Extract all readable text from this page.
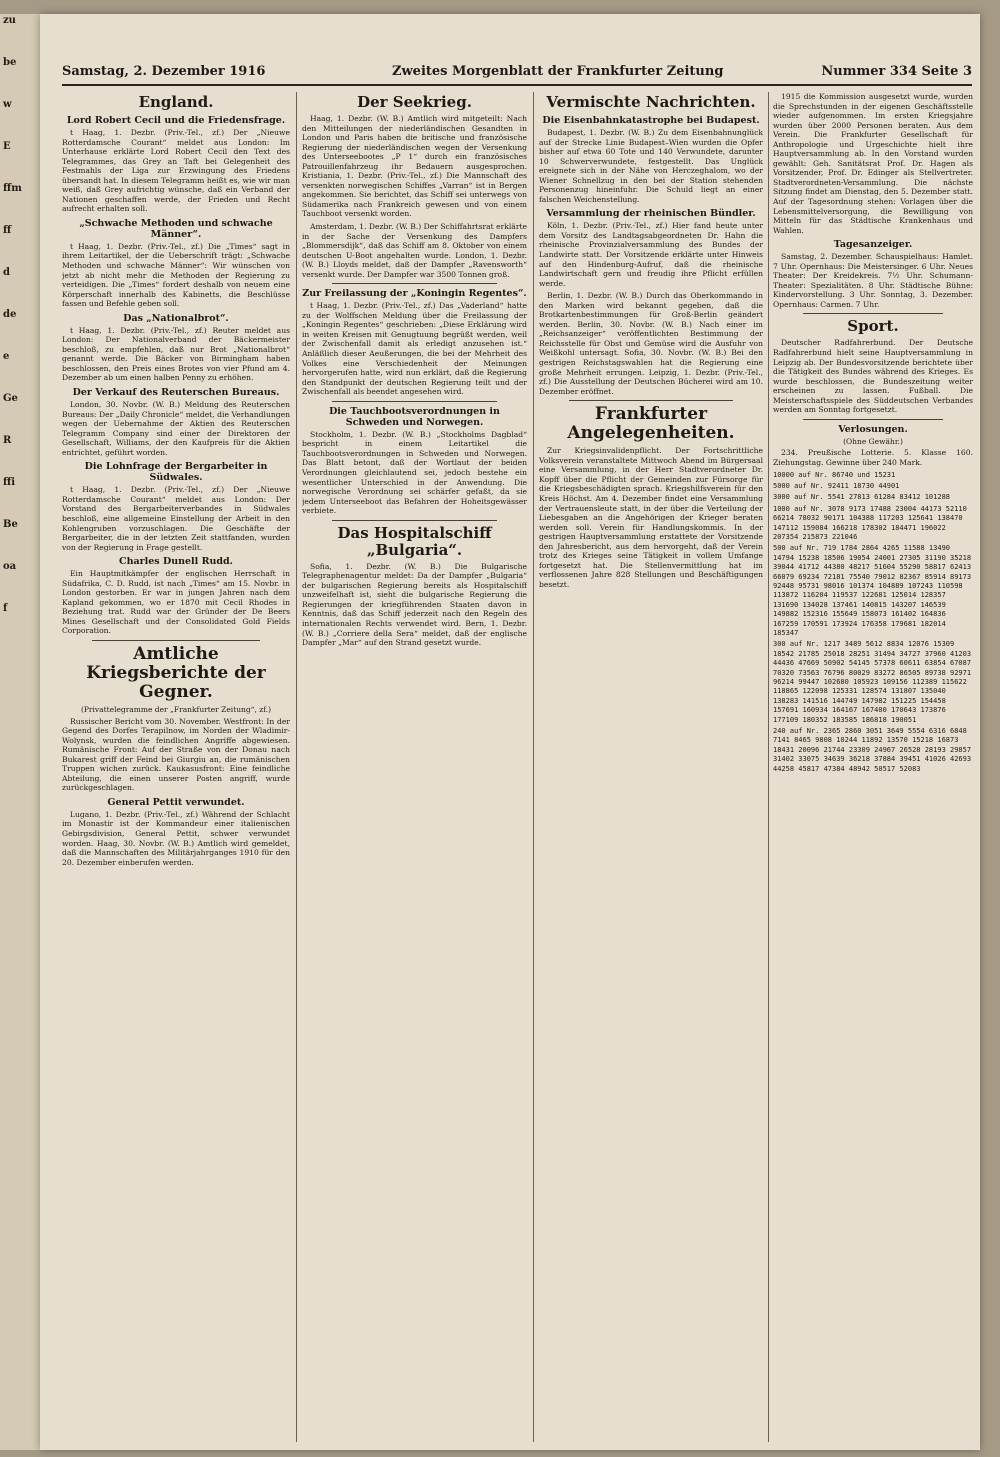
zu
be
w
E
ffm
ff
d
de
e
Ge
R
ffi
Be
oa
f
Samstag, 2. Dezember 1916	Zweites Morgenblatt der Frankfurter Zeitung	Nummer 334 Seite 3
England.
Lord Robert Cecil und die Friedensfrage.

t Haag, 1. Dezbr. (Priv.-Tel., zf.) Der „Nieuwe Rotterdamsche Courant“ meldet aus London: Im Unterhause erklärte Lord Robert Cecil den Text des Telegrammes, das Grey an Taft bei Gelegenheit des Festmahls der Liga zur Erzwingung des Friedens übersandt hat. In diesem Telegramm heißt es, wie wir man weiß, daß Grey aufrichtig wünsche, daß ein Verband der Nationen geschaffen werde, der Frieden und Recht aufrecht erhalten soll.

„Schwache Methoden und schwache Männer“.

t Haag, 1. Dezbr. (Priv.-Tel., zf.) Die „Times“ sagt in ihrem Leitartikel, der die Ueberschrift trägt: „Schwache Methoden und schwache Männer“: Wir wünschen von jetzt ab nicht mehr die Methoden der Regierung zu verteidigen. Die „Times“ fordert deshalb von neuem eine Körperschaft innerhalb des Kabinetts, die Beschlüsse fassen und Befehle geben soll.

Das „Nationalbrot“.

t Haag, 1. Dezbr. (Priv.-Tel., zf.) Reuter meldet aus London: Der Nationalverband der Bäckermeister beschloß, zu empfehlen, daß nur Brot „Nationalbrot“ genannt werde. Die Bäcker von Birmingham haben beschlossen, den Preis eines Brotes von vier Pfund am 4. Dezember ab um einen halben Penny zu erhöhen.

Der Verkauf des Reuterschen Bureaus.

London, 30. Novbr. (W. B.) Meldung des Reuterschen Bureaus: Der „Daily Chronicle“ meldet, die Verhandlungen wegen der Uebernahme der Aktien des Reuterschen Telegramm Company sind einer der Direktoren der Gesellschaft, Williams, der den Kaufpreis für die Aktien entrichtet, geführt worden.

Die Lohnfrage der Bergarbeiter in Südwales.

t Haag, 1. Dezbr. (Priv.-Tel., zf.) Der „Nieuwe Rotterdamsche Courant“ meldet aus London: Der Vorstand des Bergarbeiterverbandes in Südwales beschloß, eine allgemeine Einstellung der Arbeit in den Kohlengruben vorzuschlagen. Die Geschäfte der Bergarbeiter, die in der letzten Zeit stattfanden, wurden von der Regierung in Frage gestellt.

Charles Dunell Rudd.

Ein Hauptmitkämpfer der englischen Herrschaft in Südafrika, C. D. Rudd, ist nach „Times“ am 15. Novbr. in London gestorben. Er war in jungen Jahren nach dem Kapland gekommen, wo er 1870 mit Cecil Rhodes in Beziehung trat. Rudd war der Gründer der De Beers Mines Gesellschaft und der Consolidated Gold Fields Corporation.

Amtliche Kriegsberichte der Gegner.
(Privattelegramme der „Frankfurter Zeitung“, zf.)

Russischer Bericht vom 30. November. Westfront: In der Gegend des Dorfes Terapilnow, im Norden der Wladimir-Wolynsk, wurden die feindlichen Angriffe abgewiesen. Rumänische Front: Auf der Straße von der Donau nach Bukarest griff der Feind bei Giurgiu an, die rumänischen Truppen wichen zurück. Kaukasusfront: Eine feindliche Abteilung, die einen unserer Posten angriff, wurde zurückgeschlagen.

General Pettit verwundet.

Lugano, 1. Dezbr. (Priv.-Tel., zf.) Während der Schlacht im Monastir ist der Kommandeur einer italienischen Gebirgsdivision, General Pettit, schwer verwundet worden. Haag, 30. Novbr. (W. B.) Amtlich wird gemeldet, daß die Mannschaften des Militärjahrganges 1910 für den 20. Dezember einberufen werden.

Der Seekrieg.

Haag, 1. Dezbr. (W. B.) Amtlich wird mitgeteilt: Nach den Mitteilungen der niederländischen Gesandten in London und Paris haben die britische und französische Regierung der niederländischen wegen der Versenkung des Unterseebootes „P 1“ durch ein französisches Patrouillenfahrzeug ihr Bedauern ausgesprochen. Kristiania, 1. Dezbr. (Priv.-Tel., zf.) Die Mannschaft des versenkten norwegischen Schiffes „Varran“ ist in Bergen angekommen. Sie berichtet, das Schiff sei unterwegs von Südamerika nach Frankreich gewesen und von einem Tauchboot versenkt worden.

Amsterdam, 1. Dezbr. (W. B.) Der Schiffahrtsrat erklärte in der Sache der Versenkung des Dampfers „Blommersdijk“, daß das Schiff am 8. Oktober von einem deutschen U-Boot angehalten wurde. London, 1. Dezbr. (W. B.) Lloyds meldet, daß der Dampfer „Ravensworth“ versenkt wurde. Der Dampfer war 3500 Tonnen groß.

Zur Freilassung der „Koningin Regentes“.

t Haag, 1. Dezbr. (Priv.-Tel., zf.) Das „Vaderland“ hatte zu der Wolffschen Meldung über die Freilassung der „Koningin Regentes“ geschrieben: „Diese Erklärung wird in weiten Kreisen mit Genugtuung begrüßt werden, weil der Zwischenfall damit als erledigt anzusehen ist.“ Anläßlich dieser Aeußerungen, die bei der Mehrheit des Volkes eine Verschiedenheit der Meinungen hervorgerufen hatte, wird nun erklärt, daß die Regierung den Standpunkt der deutschen Regierung teilt und der Zwischenfall als beendet angesehen wird.

Die Tauchbootsverordnungen in Schweden und Norwegen.

Stockholm, 1. Dezbr. (W. B.) „Stockholms Dagblad“ bespricht in einem Leitartikel die Tauchbootsverordnungen in Schweden und Norwegen. Das Blatt betont, daß der Wortlaut der beiden Verordnungen gleichlautend sei, jedoch bestehe ein wesentlicher Unterschied in der Anwendung. Die norwegische Verordnung sei schärfer gefaßt, da sie jedem Unterseeboot das Befahren der Hoheitsgewässer verbiete.

Das Hospitalschiff „Bulgaria“.

Sofia, 1. Dezbr. (W. B.) Die Bulgarische Telegraphenagentur meldet: Da der Dampfer „Bulgaria“ der bulgarischen Regierung bereits als Hospitalschiff unzweifelhaft ist, sieht die bulgarische Regierung die Regierungen der kriegführenden Staaten davon in Kenntnis, daß das Schiff jederzeit nach den Regeln des internationalen Rechts verwendet wird. Bern, 1. Dezbr. (W. B.) „Corriere della Sera“ meldet, daß der englische Dampfer „Mar“ auf den Strand gesetzt wurde.

Vermischte Nachrichten.
Die Eisenbahnkatastrophe bei Budapest.

Budapest, 1. Dezbr. (W. B.) Zu dem Eisenbahnunglück auf der Strecke Linie Budapest–Wien wurden die Opfer bisher auf etwa 60 Tote und 140 Verwundete, darunter 10 Schwerverwundete, festgestellt. Das Unglück ereignete sich in der Nähe von Herczeghalom, wo der Wiener Schnellzug in den bei der Station stehenden Personenzug hineinfuhr. Die Schuld liegt an einer falschen Weichenstellung.

Versammlung der rheinischen Bündler.

Köln, 1. Dezbr. (Priv.-Tel., zf.) Hier fand heute unter dem Vorsitz des Landtagsabgeordneten Dr. Hahn die rheinische Provinzialversammlung des Bundes der Landwirte statt. Der Vorsitzende erklärte unter Hinweis auf den Hindenburg-Aufruf, daß die rheinische Landwirtschaft gern und freudig ihre Pflicht erfüllen werde.

Berlin, 1. Dezbr. (W. B.) Durch das Oberkommando in den Marken wird bekannt gegeben, daß die Brotkartenbestimmungen für Groß-Berlin geändert werden. Berlin, 30. Novbr. (W. B.) Nach einer im „Reichsanzeiger“ veröffentlichten Bestimmung der Reichsstelle für Obst und Gemüse wird die Ausfuhr von Weißkohl untersagt. Sofia, 30. Novbr. (W. B.) Bei den gestrigen Reichstagswahlen hat die Regierung eine große Mehrheit errungen. Leipzig, 1. Dezbr. (Priv.-Tel., zf.) Die Ausstellung der Deutschen Bücherei wird am 10. Dezember eröffnet.

Frankfurter Angelegenheiten.

Zur Kriegsinvalidenpflicht. Der Fortschrittliche Volksverein veranstaltete Mittwoch Abend im Bürgersaal eine Versammlung, in der Herr Stadtverordneter Dr. Kopff über die Pflicht der Gemeinden zur Fürsorge für die Kriegsbeschädigten sprach. Kriegshilfsverein für den Kreis Höchst. Am 4. Dezember findet eine Versammlung der Vertrauensleute statt, in der über die Verteilung der Liebesgaben an die Angehörigen der Krieger beraten werden soll. Verein für Handlungskommis. In der gestrigen Hauptversammlung erstattete der Vorsitzende den Jahresbericht, aus dem hervorgeht, daß der Verein trotz des Krieges seine Tätigkeit in vollem Umfange fortgesetzt hat. Die Stellenvermittlung hat im verflossenen Jahre 828 Stellungen und Beschäftigungen besetzt.

1915 die Kommission ausgesetzt wurde, wurden die Sprechstunden in der eigenen Geschäftsstelle wieder aufgenommen. Im ersten Kriegsjahre wurden über 2000 Personen beraten. Aus dem Verein. Die Frankfurter Gesellschaft für Anthropologie und Urgeschichte hielt ihre Hauptversammlung ab. In den Vorstand wurden gewählt: Geh. Sanitätsrat Prof. Dr. Hagen als Vorsitzender, Prof. Dr. Edinger als Stellvertreter. Stadtverordneten-Versammlung. Die nächste Sitzung findet am Dienstag, den 5. Dezember statt. Auf der Tagesordnung stehen: Vorlagen über die Lebensmittelversorgung, die Bewilligung von Mitteln für das Städtische Krankenhaus und Wahlen.

Tagesanzeiger.

Samstag, 2. Dezember. Schauspielhaus: Hamlet. 7 Uhr. Opernhaus: Die Meistersinger. 6 Uhr. Neues Theater: Der Kreidekreis. 7½ Uhr. Schumann-Theater: Spezialitäten. 8 Uhr. Städtische Bühne: Kindervorstellung. 3 Uhr. Sonntag, 3. Dezember. Opernhaus: Carmen. 7 Uhr.

Sport.

Deutscher Radfahrerbund. Der Deutsche Radfahrerbund hielt seine Hauptversammlung in Leipzig ab. Der Bundesvorsitzende berichtete über die Tätigkeit des Bundes während des Krieges. Es wurde beschlossen, die Bundeszeitung weiter erscheinen zu lassen. Fußball. Die Meisterschaftsspiele des Süddeutschen Verbandes werden am Sonntag fortgesetzt.

Verlosungen.
(Ohne Gewähr.)

234. Preußische Lotterie. 5. Klasse 160. Ziehungstag. Gewinne über 240 Mark.

10000 auf Nr. 86740 und 15231
5000 auf Nr. 92411 18730 44901
3000 auf Nr. 5541 27813 61284 83412 101288
1000 auf Nr. 3078 9173 17488 23004 44173 52110 66214 78032 90171 104388 117203 125641 138470 147112 159084 166218 178302 184471 196022 207354 215873 221046
500 auf Nr. 719 1784 2864 4265 11588 13490 14794 15238 18506 19054 24001 27305 31190 35218 39044 41712 44380 48217 51604 55290 58817 62413 66079 69234 72181 75540 79012 82367 85914 89173 92448 95731 98016 101374 104889 107243 110598 113872 116204 119537 122681 125014 128357 131690 134028 137461 140815 143207 146539 149882 152316 155649 158073 161402 164836 167259 170591 173924 176358 179681 182014 185347
300 auf Nr. 1217 3489 5612 8834 12076 15309 18542 21785 25018 28251 31494 34727 37960 41203 44436 47669 50902 54145 57378 60611 63854 67087 70320 73563 76796 80029 83272 86505 89738 92971 96214 99447 102680 105923 109156 112389 115622 118865 122098 125331 128574 131807 135040 138283 141516 144749 147982 151225 154458 157691 160934 164167 167400 170643 173876 177109 180352 183585 186818 190051
240 auf Nr. 2365 2860 3051 3649 5554 6316 6848 7141 8465 9808 10244 11892 13570 15218 16873 18431 20096 21744 23309 24967 26528 28193 29857 31402 33075 34639 36218 37884 39451 41026 42693 44258 45817 47384 48942 50517 52083
